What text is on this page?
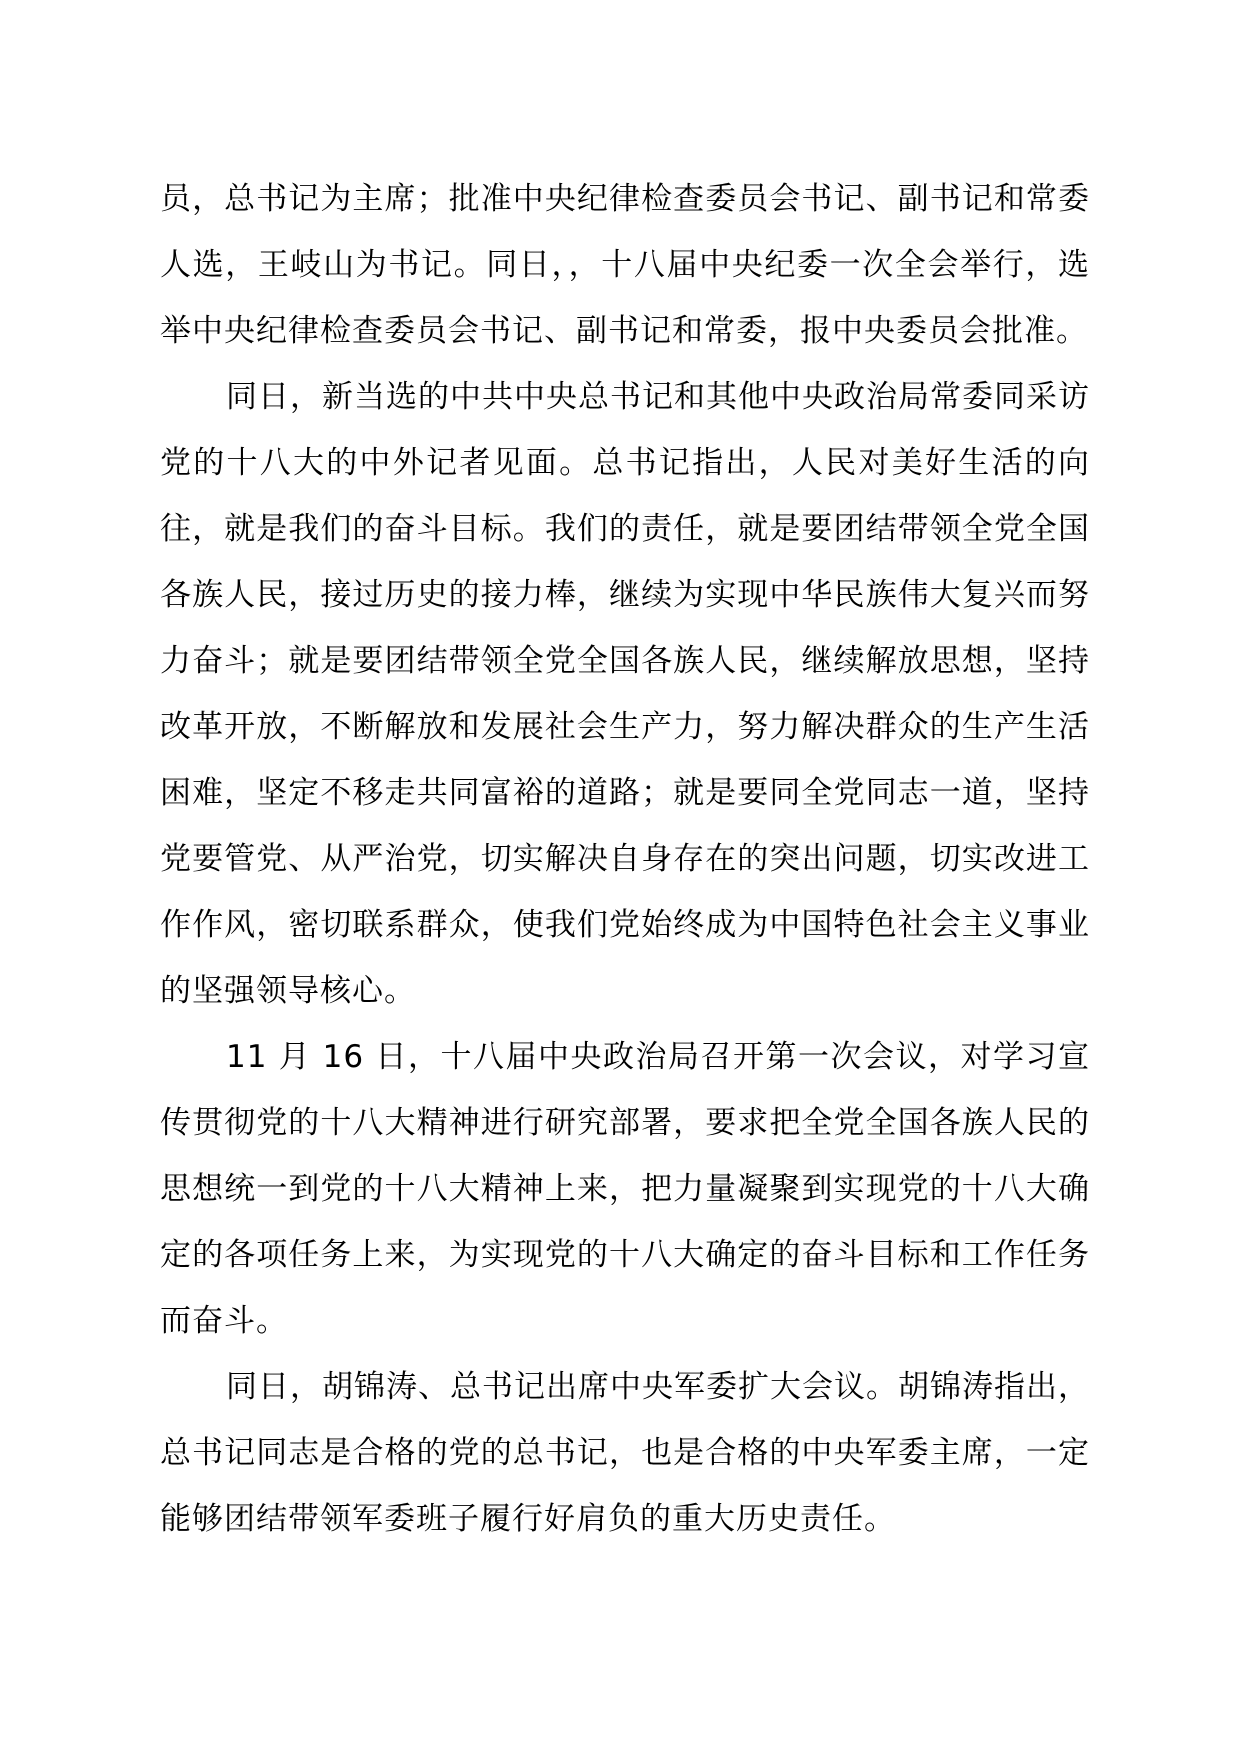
员，总书记为主席；批准中央纪律检查委员会书记、副书记和常委人选，王岐山为书记。同日，，十八届中央纪委一次全会举行，选举中央纪律检查委员会书记、副书记和常委，报中央委员会批准。

同日，新当选的中共中央总书记和其他中央政治局常委同采访党的十八大的中外记者见面。总书记指出，人民对美好生活的向往，就是我们的奋斗目标。我们的责任，就是要团结带领全党全国各族人民，接过历史的接力棒，继续为实现中华民族伟大复兴而努力奋斗；就是要团结带领全党全国各族人民，继续解放思想，坚持改革开放，不断解放和发展社会生产力，努力解决群众的生产生活困难，坚定不移走共同富裕的道路；就是要同全党同志一道，坚持党要管党、从严治党，切实解决自身存在的突出问题，切实改进工作作风，密切联系群众，使我们党始终成为中国特色社会主义事业的坚强领导核心。

11 月 16 日，十八届中央政治局召开第一次会议，对学习宣传贯彻党的十八大精神进行研究部署，要求把全党全国各族人民的思想统一到党的十八大精神上来，把力量凝聚到实现党的十八大确定的各项任务上来，为实现党的十八大确定的奋斗目标和工作任务而奋斗。

同日，胡锦涛、总书记出席中央军委扩大会议。胡锦涛指出，总书记同志是合格的党的总书记，也是合格的中央军委主席，一定能够团结带领军委班子履行好肩负的重大历史责任。
